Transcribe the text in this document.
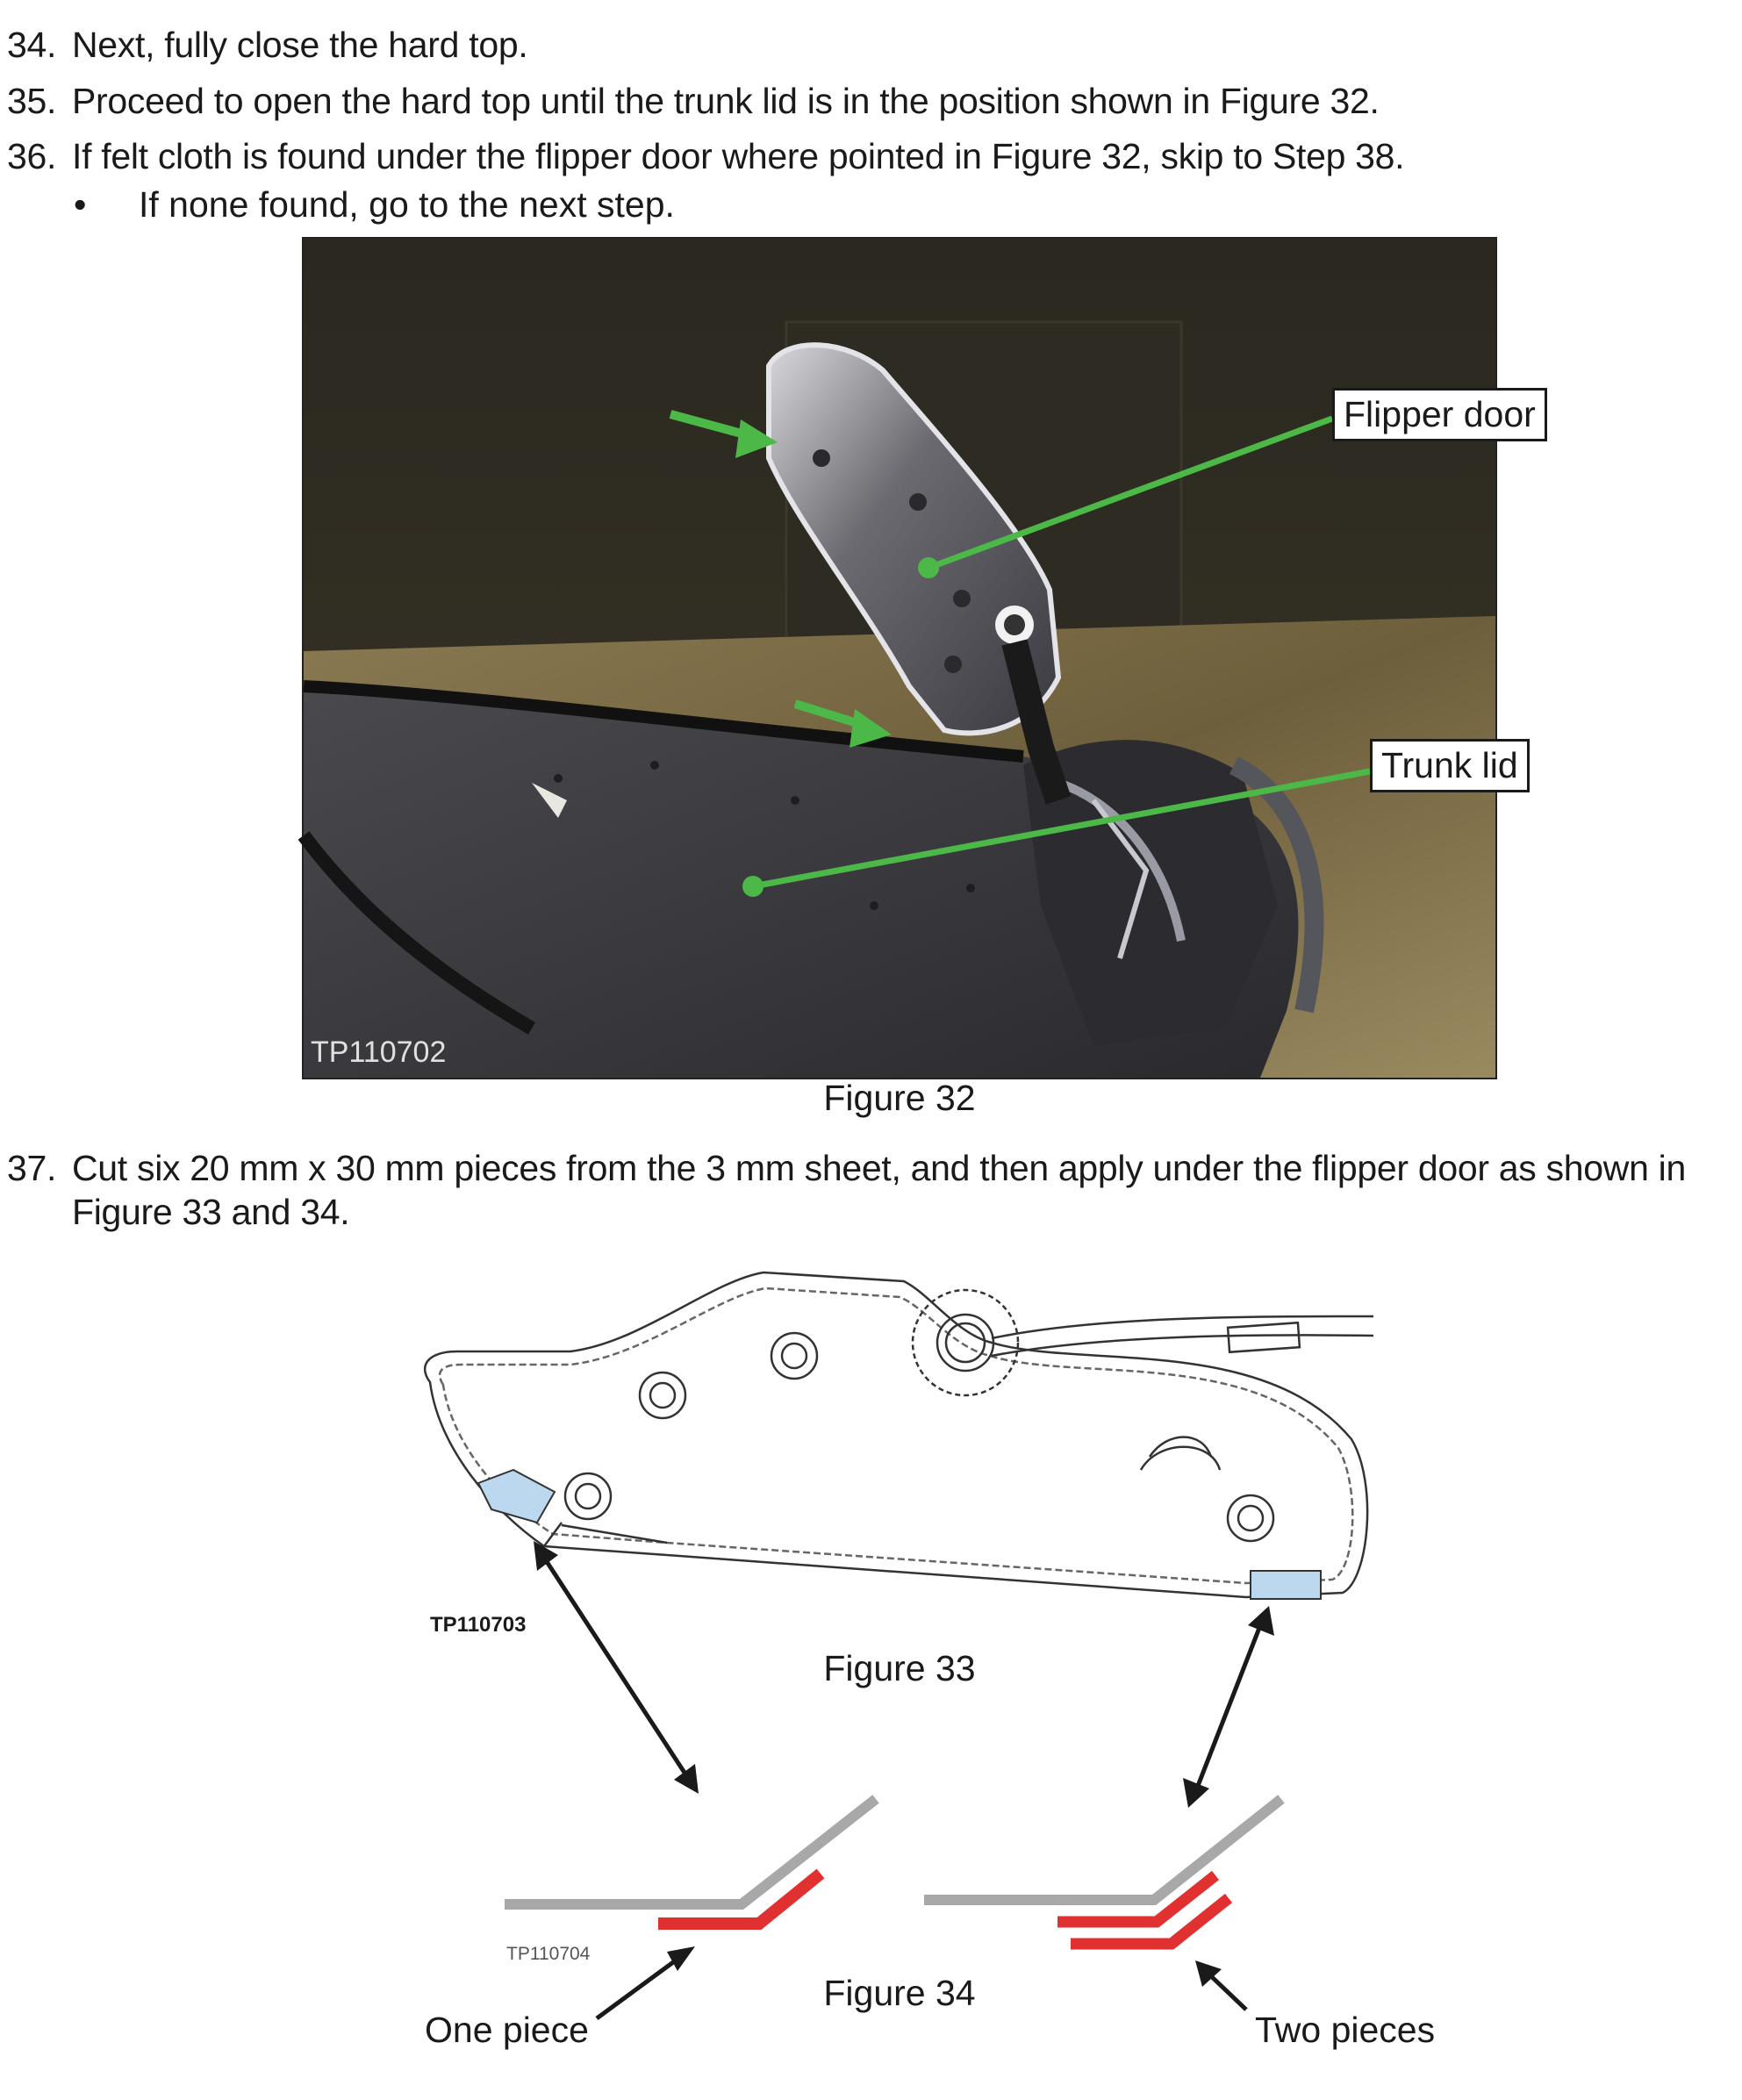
34. Next, fully close the hard top.
35. Proceed to open the hard top until the trunk lid is in the position shown in Figure 32.
36. If felt cloth is found under the flipper door where pointed in Figure 32, skip to Step 38.
• If none found, go to the next step.
Flipper door
Trunk lid
TP110702
Figure 32
37. Cut six 20 mm x 30 mm pieces from the 3 mm sheet, and then apply under the flipper door as shown in
Figure 33 and 34.
TP110703
Figure 33
TP110704
Figure 34
One piece	Two pieces
